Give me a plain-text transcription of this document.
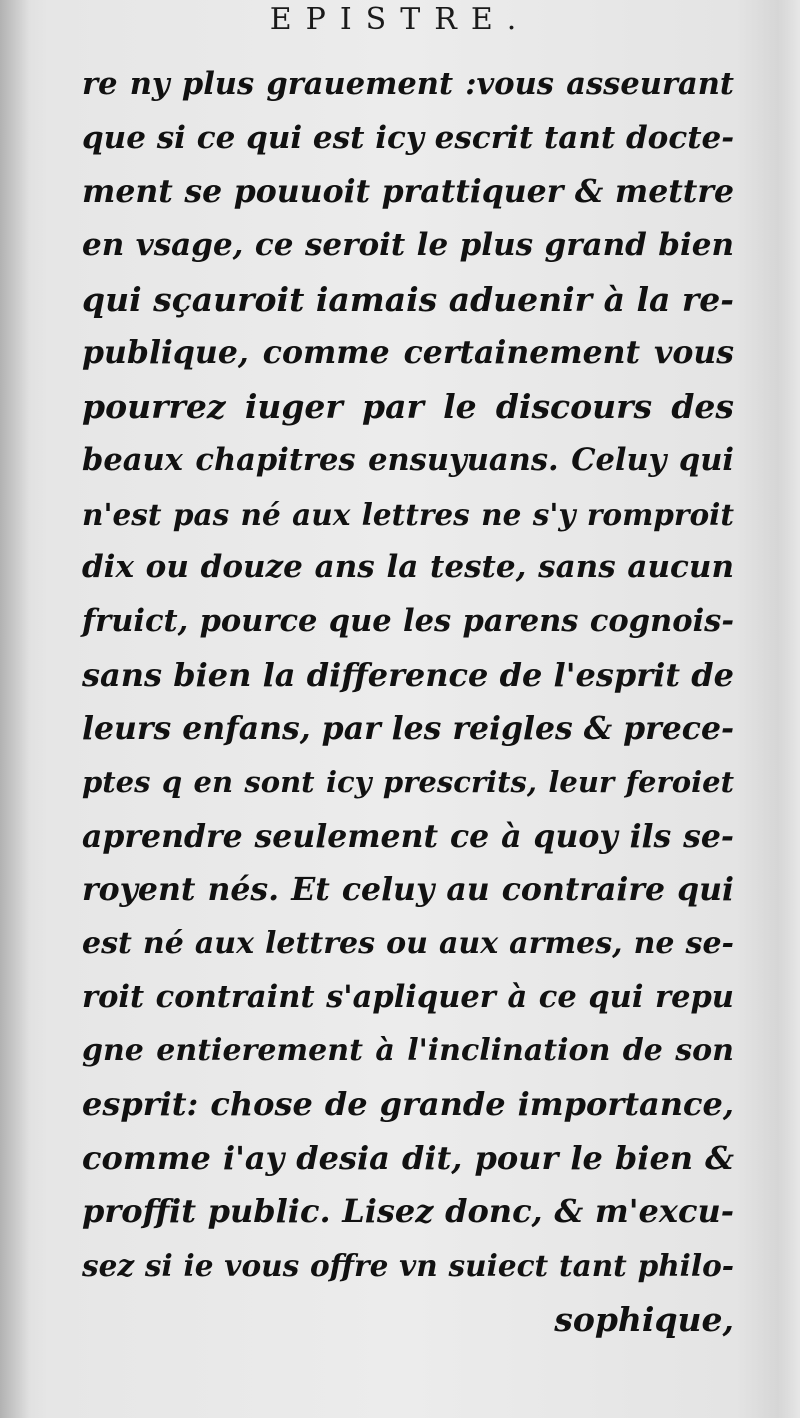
EPISTRE.
re ny plus grauement :vous asseurant
que si ce qui est icy escrit tant docte-
ment se pouuoit prattiquer & mettre
en vsage, ce seroit le plus grand bien
qui sçauroit iamais aduenir à la re-
publique, comme certainement vous
pourrez iuger par le discours des
beaux chapitres ensuyuans. Celuy qui
n'est pas né aux lettres ne s'y romproit
dix ou douze ans la teste, sans aucun
fruict, pource que les parens cognois-
sans bien la difference de l'esprit de
leurs enfans, par les reigles & prece-
ptes q en sont icy prescrits, leur feroiet
aprendre seulement ce à quoy ils se-
royent nés. Et celuy au contraire qui
est né aux lettres ou aux armes, ne se-
roit contraint s'apliquer à ce qui repu
gne entierement à l'inclination de son
esprit: chose de grande importance,
comme i'ay desia dit, pour le bien &
proffit public. Lisez donc, & m'excu-
sez si ie vous offre vn suiect tant philo-
sophique,
